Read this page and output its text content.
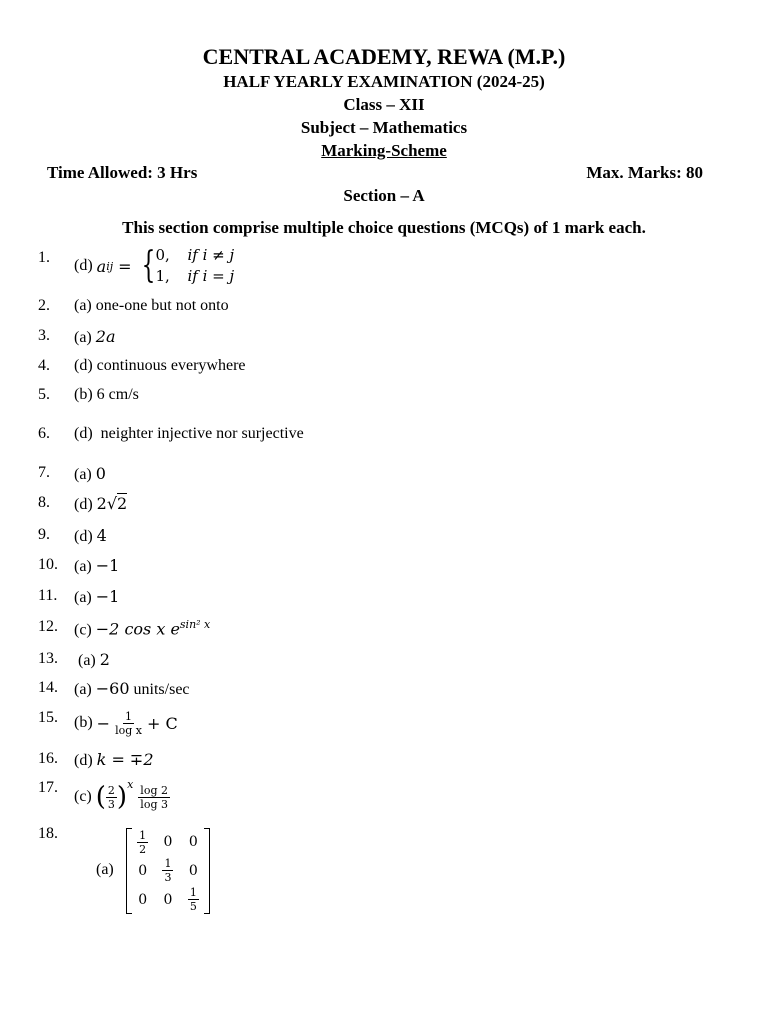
CENTRAL ACADEMY, REWA (M.P.)
HALF YEARLY EXAMINATION (2024-25)
Class – XII
Subject – Mathematics
Marking-Scheme
Time Allowed: 3 Hrs	Max. Marks: 80
Section – A
This section comprise multiple choice questions (MCQs) of 1 mark each.
1. (d)
a ij = { 0, if i ≠ j
1, if i = j
2. (a) one-one but not onto
3. (a) 2a
4. (d) continuous everywhere
5. (b) 6 cm/s
6. (d)  neighter injective nor surjective
7. (a) 0
8. (d) 2√2
9. (d) 4
10. (a) −1
11. (a) −1
12. (c) −2 cos x $e^{sin^2 x}$
13. (a) 2
14. (a) −60 units/sec
15. (b)
− $\frac{1}{\text{log x}} + C$
16. (d) k = ∓2
17.
(c)
( $\frac{2}{3}$ ) x $\frac{\log 2}{\log 3}$
18.
(a)
$\frac{1}{2}$	0	0
0	$\frac{1}{3}$	0
0	0	$\frac{1}{5}$
